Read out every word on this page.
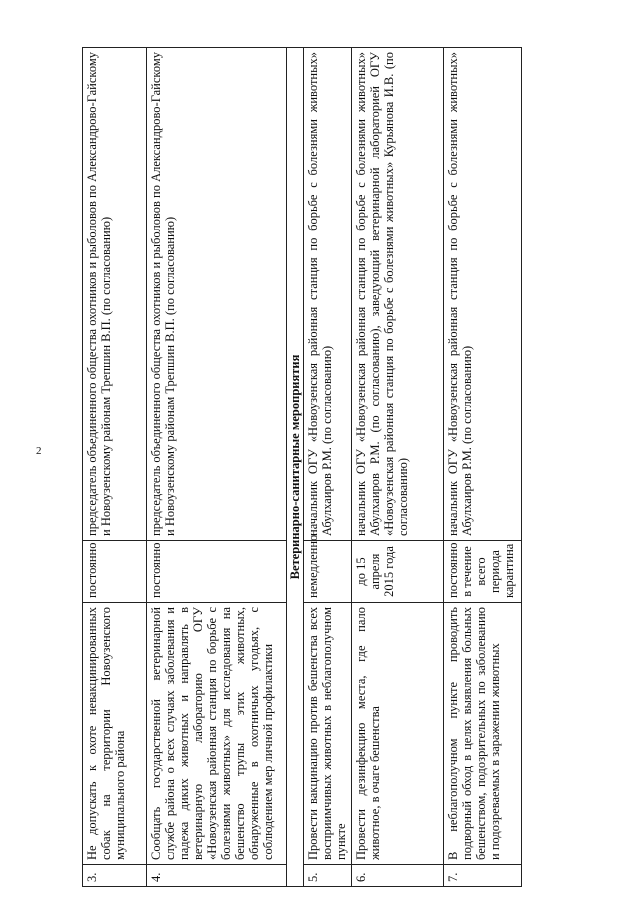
2
3.	Не допускать к охоте невакцинированных собак на территории Новоузенского муниципального района	постоянно	председатель объединенного общества охотников и рыболовов по Александрово-Гайскому и Новоузенскому районам Трепшин В.П. (по согласованию)
4.	Сообщать государственной ветеринарной службе района о всех случаях заболевания и падежа диких животных и направлять в ветеринарную лабораторию ОГУ «Новоузенская районная станция по борьбе с болезнями животных» для исследования на бешенство трупы этих животных, обнаруженные в охотничьих угодьях, с соблюдением мер личной профилактики	постоянно	председатель объединенного общества охотников и рыболовов по Александрово-Гайскому и Новоузенскому районам Трепшин В.П. (по согласованию)
Ветеринарно-санитарные мероприятия			
5.	Провести вакцинацию против бешенства всех восприимчивых животных в неблагополучном пункте	немедленно	начальник ОГУ «Новоузенская районная станция по борьбе с болезнями животных» Абулхаиров Р.М. (по согласованию)
6.	Провести дезинфекцию места, где пало животное, в очаге бешенства	до 15 апреля 2015 года	начальник ОГУ «Новоузенская районная станция по борьбе с болезнями животных» Абулхаиров Р.М. (по согласованию), заведующий ветеринарной лабораторией ОГУ «Новоузенская районная станция по борьбе с болезнями животных» Курьянова И.В. (по согласованию)
7.	В неблагополучном пункте проводить подворный обход в целях выявления больных бешенством, подозрительных по заболеванию и подозреваемых в заражении животных	постоянно в течение всего периода карантина	начальник ОГУ «Новоузенская районная станция по борьбе с болезнями животных» Абулхаиров Р.М. (по согласованию)
